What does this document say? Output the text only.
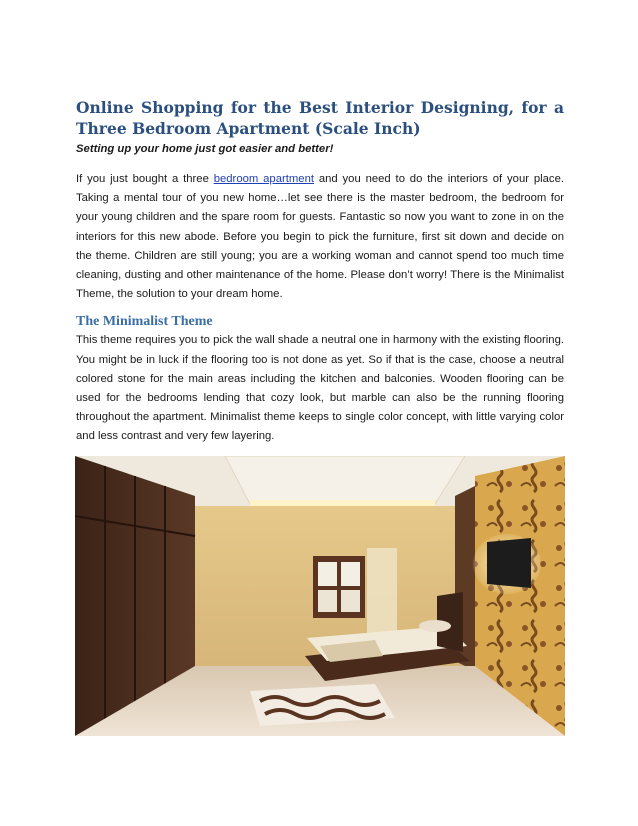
Online Shopping for the Best Interior Designing, for a Three Bedroom Apartment (Scale Inch)
Setting up your home just got easier and better!

If you just bought a three bedroom apartment and you need to do the interiors of your place. Taking a mental tour of you new home…let see there is the master bedroom, the bedroom for your young children and the spare room for guests. Fantastic so now you want to zone in on the interiors for this new abode. Before you begin to pick the furniture, first sit down and decide on the theme. Children are still young; you are a working woman and cannot spend too much time cleaning, dusting and other maintenance of the home. Please don’t worry! There is the Minimalist Theme, the solution to your dream home.

The Minimalist Theme

This theme requires you to pick the wall shade a neutral one in harmony with the existing flooring. You might be in luck if the flooring too is not done as yet. So if that is the case, choose a neutral colored stone for the main areas including the kitchen and balconies. Wooden flooring can be used for the bedrooms lending that cozy look, but marble can also be the running flooring throughout the apartment. Minimalist theme keeps to single color concept, with little varying color and less contrast and very few layering.
